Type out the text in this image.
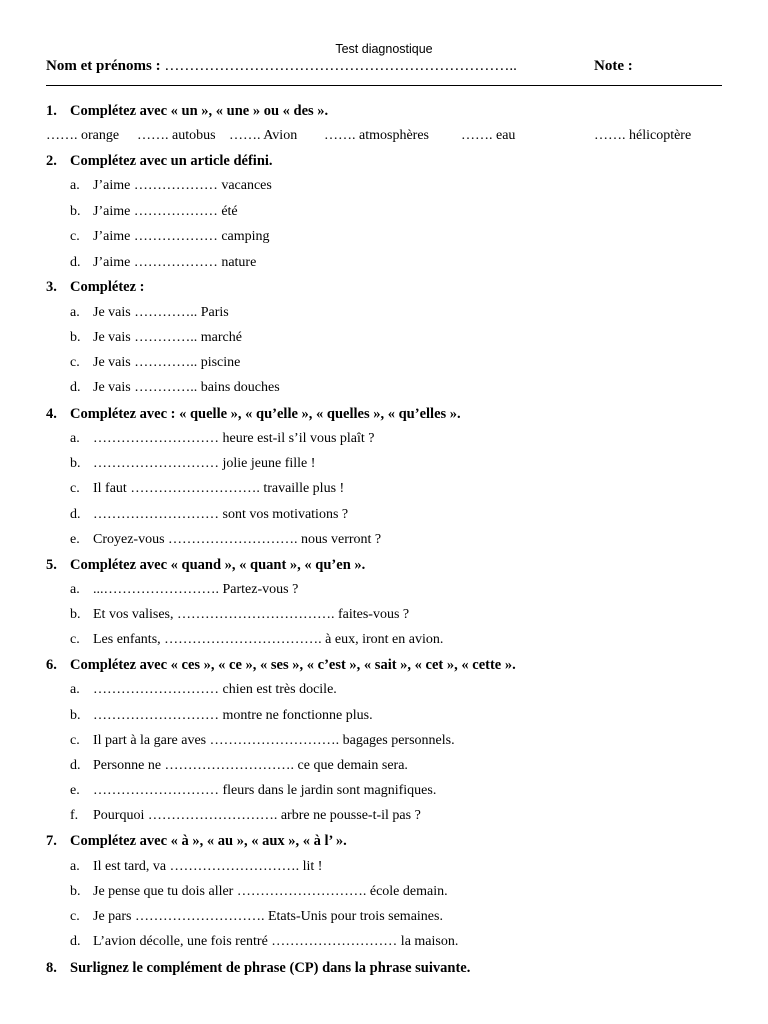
Test diagnostique
Nom et prénoms : ……………………………………………………………..	Note :
1. Complétez avec « un », « une » ou « des ».
……. orange ……. autobus ……. Avion ……. atmosphères ……. eau	……. hélicoptère
2. Complétez avec un article défini.
a. J’aime ……………… vacances
b. J’aime ……………… été
c. J’aime ……………… camping
d. J’aime ……………… nature
3. Complétez :
a. Je vais ………….. Paris
b. Je vais ………….. marché
c. Je vais ………….. piscine
d. Je vais ………….. bains douches
4. Complétez avec : « quelle », « qu’elle », « quelles », « qu’elles ».
a. ……………………… heure est-il s’il vous plaît ?
b. ……………………… jolie jeune fille !
c. Il faut ………………………. travaille plus !
d. ……………………… sont vos motivations ?
e. Croyez-vous ………………………. nous verront ?
5. Complétez avec « quand », « quant », « qu’en ».
a. ...……………………. Partez-vous ?
b. Et vos valises, ……………………………. faites-vous ?
c. Les enfants, ……………………………. à eux, iront en avion.
6. Complétez avec « ces », « ce », « ses », « c’est », « sait », « cet », « cette ».
a. ……………………… chien est très docile.
b. ……………………… montre ne fonctionne plus.
c. Il part à la gare aves ………………………. bagages personnels.
d. Personne ne ………………………. ce que demain sera.
e. ……………………… fleurs dans le jardin sont magnifiques.
f. Pourquoi ………………………. arbre ne pousse-t-il pas ?
7. Complétez avec « à », « au », « aux », « à l’ ».
a. Il est tard, va ………………………. lit !
b. Je pense que tu dois aller ………………………. école demain.
c. Je pars ………………………. Etats-Unis pour trois semaines.
d. L’avion décolle, une fois rentré ……………………… la maison.
8. Surlignez le complément de phrase (CP) dans la phrase suivante.
